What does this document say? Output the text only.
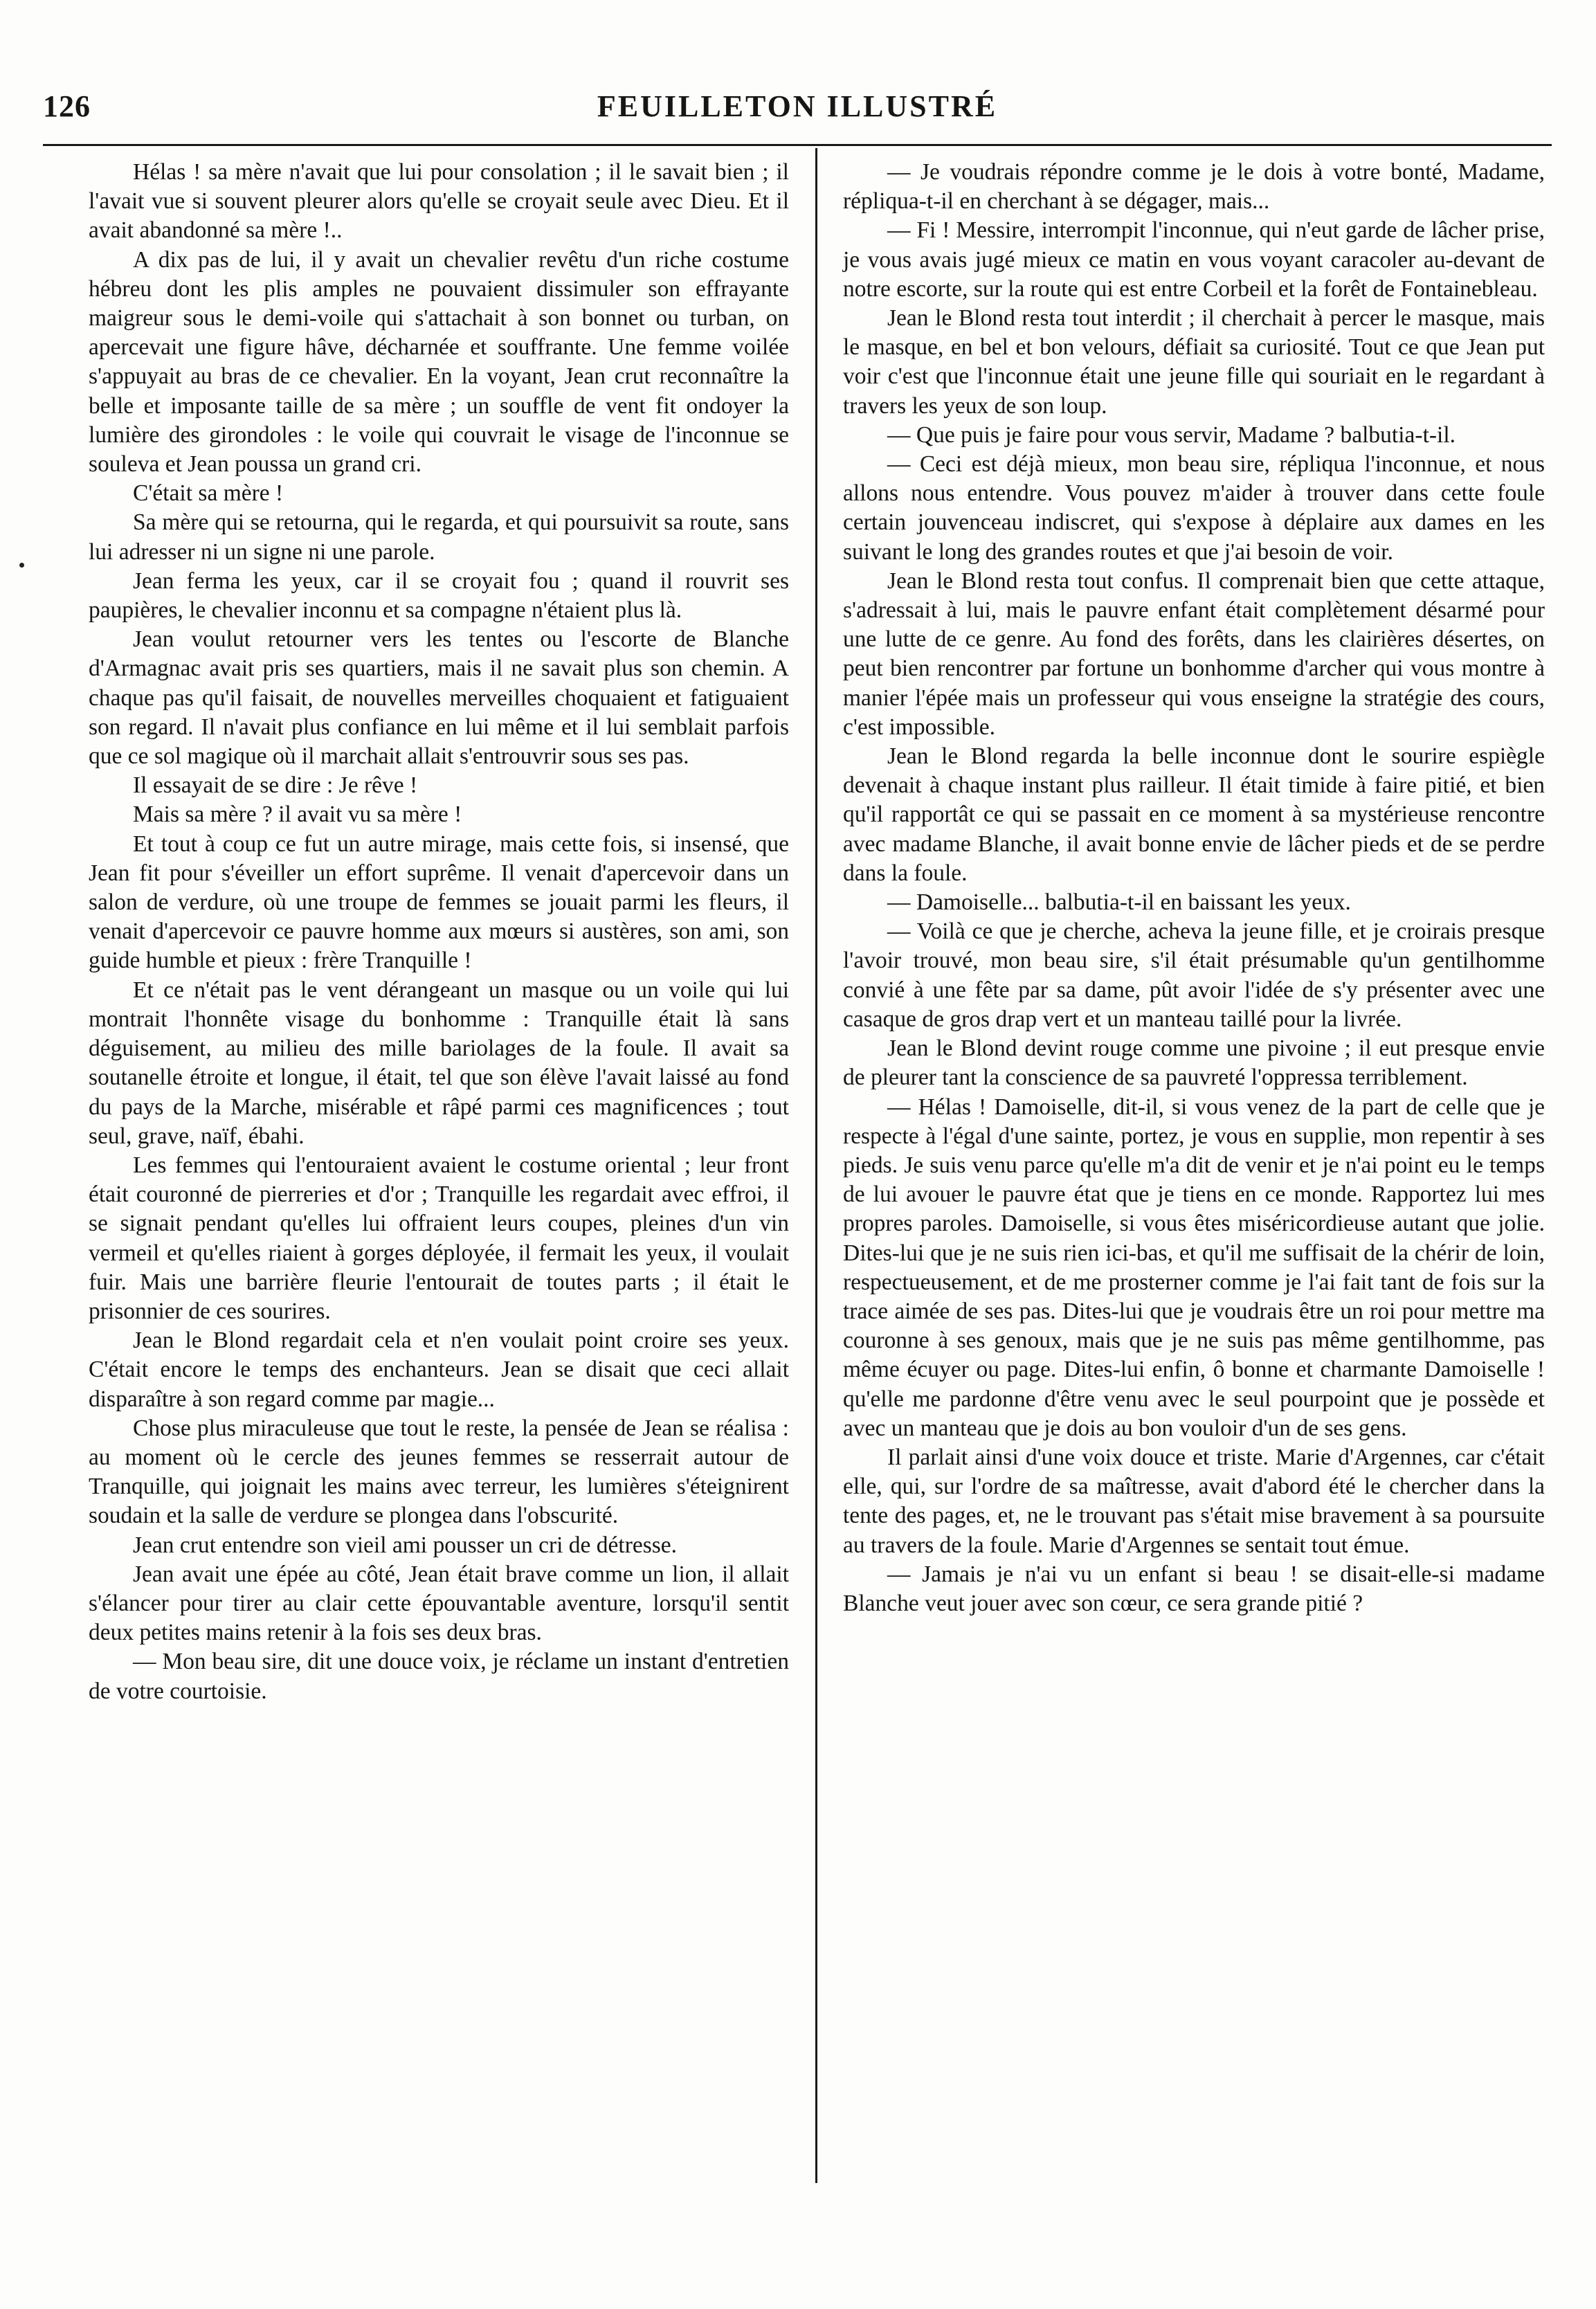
126	FEUILLETON ILLUSTRÉ

Hélas ! sa mère n'avait que lui pour consolation ; il le savait bien ; il l'avait vue si souvent pleurer alors qu'elle se croyait seule avec Dieu. Et il avait abandonné sa mère !..

A dix pas de lui, il y avait un chevalier revêtu d'un riche costume hébreu dont les plis amples ne pouvaient dissimuler son effrayante maigreur sous le demi-voile qui s'attachait à son bonnet ou turban, on apercevait une figure hâve, décharnée et souffrante. Une femme voilée s'appuyait au bras de ce chevalier. En la voyant, Jean crut reconnaître la belle et imposante taille de sa mère ; un souffle de vent fit ondoyer la lumière des girondoles : le voile qui couvrait le visage de l'inconnue se souleva et Jean poussa un grand cri.

C'était sa mère !

Sa mère qui se retourna, qui le regarda, et qui poursuivit sa route, sans lui adresser ni un signe ni une parole.

Jean ferma les yeux, car il se croyait fou ; quand il rouvrit ses paupières, le chevalier inconnu et sa compagne n'étaient plus là.

Jean voulut retourner vers les tentes ou l'escorte de Blanche d'Armagnac avait pris ses quartiers, mais il ne savait plus son chemin. A chaque pas qu'il faisait, de nouvelles merveilles choquaient et fatiguaient son regard. Il n'avait plus confiance en lui même et il lui semblait parfois que ce sol magique où il marchait allait s'entrouvrir sous ses pas.

Il essayait de se dire : Je rêve !

Mais sa mère ? il avait vu sa mère !

Et tout à coup ce fut un autre mirage, mais cette fois, si insensé, que Jean fit pour s'éveiller un effort suprême. Il venait d'apercevoir dans un salon de verdure, où une troupe de femmes se jouait parmi les fleurs, il venait d'apercevoir ce pauvre homme aux mœurs si austères, son ami, son guide humble et pieux : frère Tranquille !

Et ce n'était pas le vent dérangeant un masque ou un voile qui lui montrait l'honnête visage du bonhomme : Tranquille était là sans déguisement, au milieu des mille bariolages de la foule. Il avait sa soutanelle étroite et longue, il était, tel que son élève l'avait laissé au fond du pays de la Marche, misérable et râpé parmi ces magnificences ; tout seul, grave, naïf, ébahi.

Les femmes qui l'entouraient avaient le costume oriental ; leur front était couronné de pierreries et d'or ; Tranquille les regardait avec effroi, il se signait pendant qu'elles lui offraient leurs coupes, pleines d'un vin vermeil et qu'elles riaient à gorges déployée, il fermait les yeux, il voulait fuir. Mais une barrière fleurie l'entourait de toutes parts ; il était le prisonnier de ces sourires.

Jean le Blond regardait cela et n'en voulait point croire ses yeux. C'était encore le temps des enchanteurs. Jean se disait que ceci allait disparaître à son regard comme par magie...

Chose plus miraculeuse que tout le reste, la pensée de Jean se réalisa : au moment où le cercle des jeunes femmes se resserrait autour de Tranquille, qui joignait les mains avec terreur, les lumières s'éteignirent soudain et la salle de verdure se plongea dans l'obscurité.

Jean crut entendre son vieil ami pousser un cri de détresse.

Jean avait une épée au côté, Jean était brave comme un lion, il allait s'élancer pour tirer au clair cette épouvantable aventure, lorsqu'il sentit deux petites mains retenir à la fois ses deux bras.

— Mon beau sire, dit une douce voix, je réclame un instant d'entretien de votre courtoisie.

— Je voudrais répondre comme je le dois à votre bonté, Madame, répliqua-t-il en cherchant à se dégager, mais...

— Fi ! Messire, interrompit l'inconnue, qui n'eut garde de lâcher prise, je vous avais jugé mieux ce matin en vous voyant caracoler au-devant de notre escorte, sur la route qui est entre Corbeil et la forêt de Fontainebleau.

Jean le Blond resta tout interdit ; il cherchait à percer le masque, mais le masque, en bel et bon velours, défiait sa curiosité. Tout ce que Jean put voir c'est que l'inconnue était une jeune fille qui souriait en le regardant à travers les yeux de son loup.

— Que puis je faire pour vous servir, Madame ? balbutia-t-il.

— Ceci est déjà mieux, mon beau sire, répliqua l'inconnue, et nous allons nous entendre. Vous pouvez m'aider à trouver dans cette foule certain jouvenceau indiscret, qui s'expose à déplaire aux dames en les suivant le long des grandes routes et que j'ai besoin de voir.

Jean le Blond resta tout confus. Il comprenait bien que cette attaque, s'adressait à lui, mais le pauvre enfant était complètement désarmé pour une lutte de ce genre. Au fond des forêts, dans les clairières désertes, on peut bien rencontrer par fortune un bonhomme d'archer qui vous montre à manier l'épée mais un professeur qui vous enseigne la stratégie des cours, c'est impossible.

Jean le Blond regarda la belle inconnue dont le sourire espiègle devenait à chaque instant plus railleur. Il était timide à faire pitié, et bien qu'il rapportât ce qui se passait en ce moment à sa mystérieuse rencontre avec madame Blanche, il avait bonne envie de lâcher pieds et de se perdre dans la foule.

— Damoiselle... balbutia-t-il en baissant les yeux.

— Voilà ce que je cherche, acheva la jeune fille, et je croirais presque l'avoir trouvé, mon beau sire, s'il était présumable qu'un gentilhomme convié à une fête par sa dame, pût avoir l'idée de s'y présenter avec une casaque de gros drap vert et un manteau taillé pour la livrée.

Jean le Blond devint rouge comme une pivoine ; il eut presque envie de pleurer tant la conscience de sa pauvreté l'oppressa terriblement.

— Hélas ! Damoiselle, dit-il, si vous venez de la part de celle que je respecte à l'égal d'une sainte, portez, je vous en supplie, mon repentir à ses pieds. Je suis venu parce qu'elle m'a dit de venir et je n'ai point eu le temps de lui avouer le pauvre état que je tiens en ce monde. Rapportez lui mes propres paroles. Damoiselle, si vous êtes miséricordieuse autant que jolie. Dites-lui que je ne suis rien ici-bas, et qu'il me suffisait de la chérir de loin, respectueusement, et de me prosterner comme je l'ai fait tant de fois sur la trace aimée de ses pas. Dites-lui que je voudrais être un roi pour mettre ma couronne à ses genoux, mais que je ne suis pas même gentilhomme, pas même écuyer ou page. Dites-lui enfin, ô bonne et charmante Damoiselle ! qu'elle me pardonne d'être venu avec le seul pourpoint que je possède et avec un manteau que je dois au bon vouloir d'un de ses gens.

Il parlait ainsi d'une voix douce et triste. Marie d'Argennes, car c'était elle, qui, sur l'ordre de sa maîtresse, avait d'abord été le chercher dans la tente des pages, et, ne le trouvant pas s'était mise bravement à sa poursuite au travers de la foule. Marie d'Argennes se sentait tout émue.

— Jamais je n'ai vu un enfant si beau ! se disait-elle-si madame Blanche veut jouer avec son cœur, ce sera grande pitié ?
